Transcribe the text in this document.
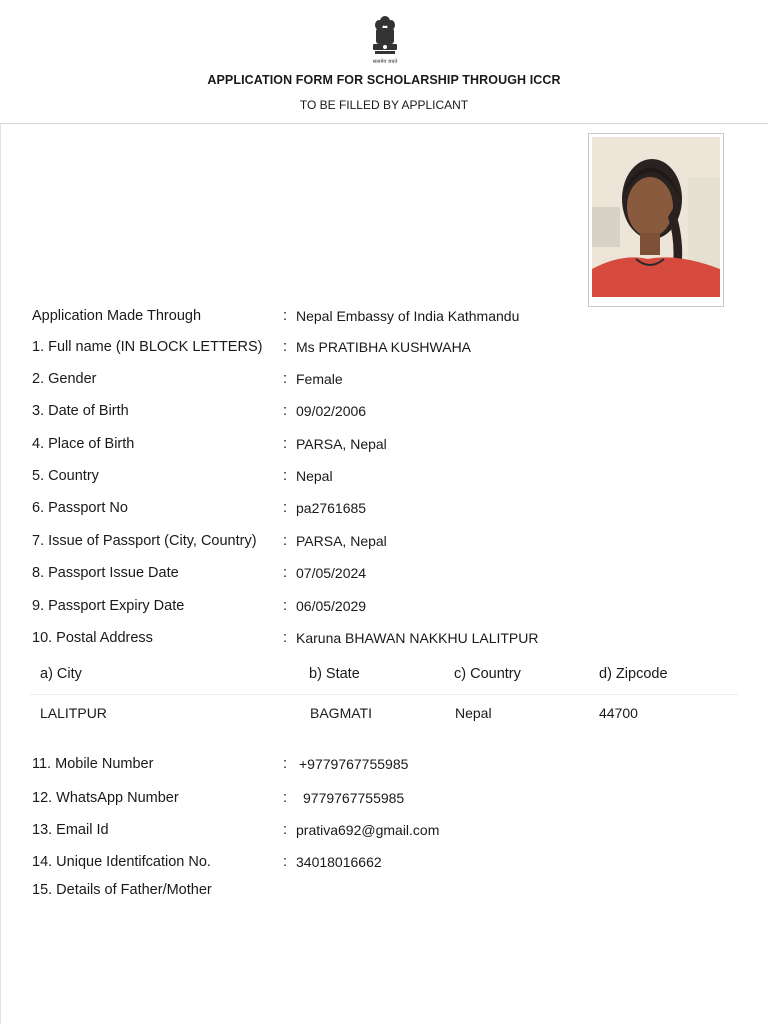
सत्यमेव जयते
APPLICATION FORM FOR SCHOLARSHIP THROUGH ICCR
TO BE FILLED BY APPLICANT
Application Made Through	: Nepal Embassy of India Kathmandu
1. Full name (IN BLOCK LETTERS) : Ms PRATIBHA KUSHWAHA
2. Gender	: Female
3. Date of Birth	: 09/02/2006
4. Place of Birth	: PARSA, Nepal
5. Country	: Nepal
6. Passport No	: pa2761685
7. Issue of Passport (City, Country) : PARSA, Nepal
8. Passport Issue Date	: 07/05/2024
9. Passport Expiry Date	: 06/05/2029
10. Postal Address	: Karuna BHAWAN NAKKHU LALITPUR
a) City	b) State	c) Country	d) Zipcode
LALITPUR	BAGMATI	Nepal	44700
11. Mobile Number	: +9779767755985
12. WhatsApp Number	: 9779767755985
13. Email Id	: prativa692@gmail.com
14. Unique Identifcation No.	: 34018016662
15. Details of Father/Mother
